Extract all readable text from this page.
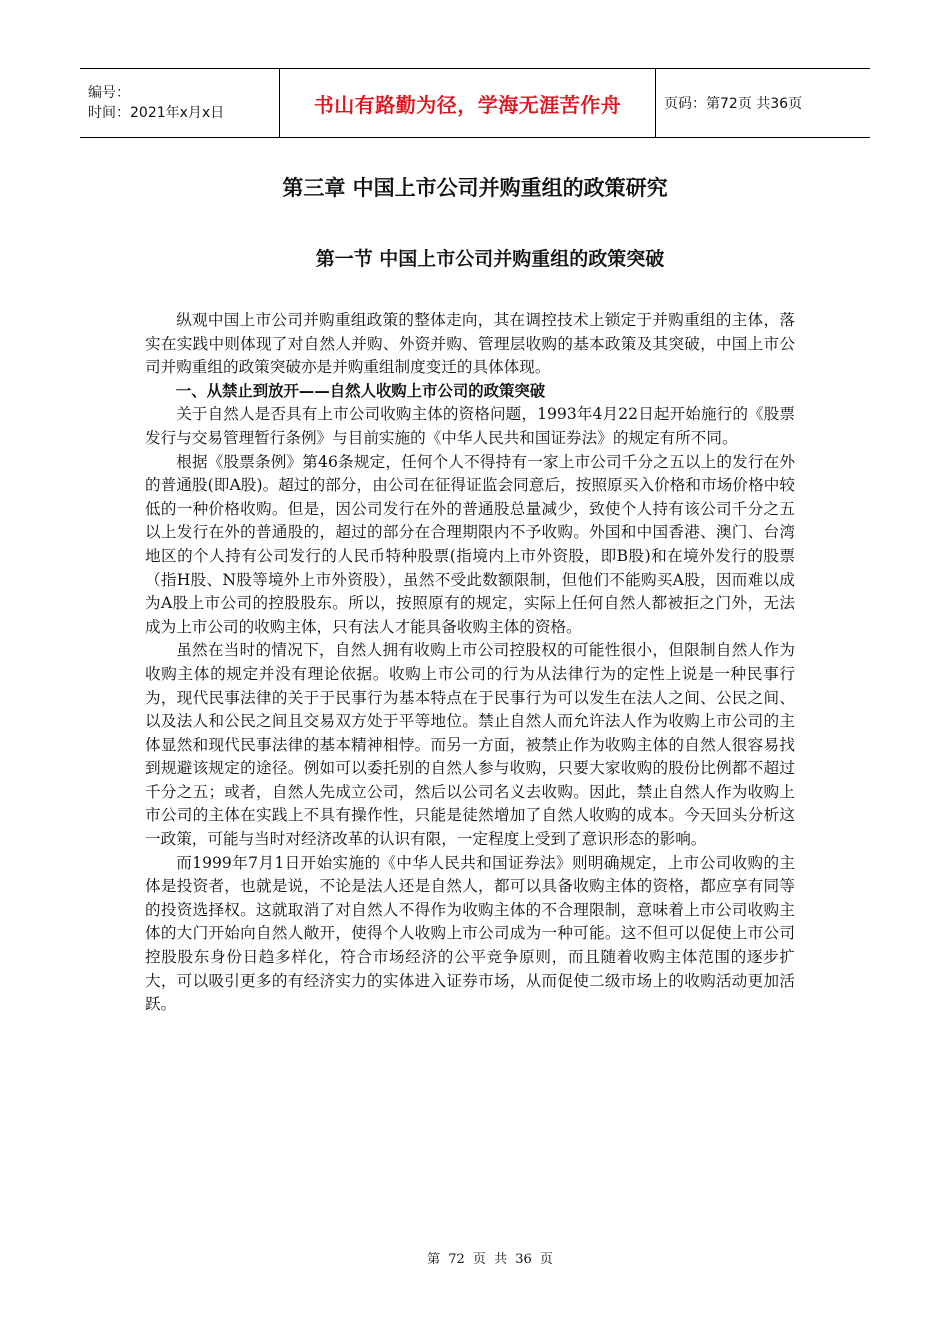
编号：
时间：2021年x月x日	书山有路勤为径，学海无涯苦作舟	页码：第72页 共36页
第三章 中国上市公司并购重组的政策研究
第一节 中国上市公司并购重组的政策突破

纵观中国上市公司并购重组政策的整体走向，其在调控技术上锁定于并购重组的主体，落实在实践中则体现了对自然人并购、外资并购、管理层收购的基本政策及其突破，中国上市公司并购重组的政策突破亦是并购重组制度变迁的具体体现。

一、从禁止到放开——自然人收购上市公司的政策突破

关于自然人是否具有上市公司收购主体的资格问题，1993年4月22日起开始施行的《股票发行与交易管理暂行条例》与目前实施的《中华人民共和国证券法》的规定有所不同。

根据《股票条例》第46条规定，任何个人不得持有一家上市公司千分之五以上的发行在外的普通股(即A股)。超过的部分，由公司在征得证监会同意后，按照原买入价格和市场价格中较低的一种价格收购。但是，因公司发行在外的普通股总量减少，致使个人持有该公司千分之五以上发行在外的普通股的，超过的部分在合理期限内不予收购。外国和中国香港、澳门、台湾地区的个人持有公司发行的人民币特种股票(指境内上市外资股，即B股)和在境外发行的股票（指H股、N股等境外上市外资股），虽然不受此数额限制，但他们不能购买A股，因而难以成为A股上市公司的控股股东。所以，按照原有的规定，实际上任何自然人都被拒之门外，无法成为上市公司的收购主体，只有法人才能具备收购主体的资格。

虽然在当时的情况下，自然人拥有收购上市公司控股权的可能性很小，但限制自然人作为收购主体的规定并没有理论依据。收购上市公司的行为从法律行为的定性上说是一种民事行为，现代民事法律的关于于民事行为基本特点在于民事行为可以发生在法人之间、公民之间、以及法人和公民之间且交易双方处于平等地位。禁止自然人而允许法人作为收购上市公司的主体显然和现代民事法律的基本精神相悖。而另一方面，被禁止作为收购主体的自然人很容易找到规避该规定的途径。例如可以委托别的自然人参与收购，只要大家收购的股份比例都不超过千分之五；或者，自然人先成立公司，然后以公司名义去收购。因此，禁止自然人作为收购上市公司的主体在实践上不具有操作性，只能是徒然增加了自然人收购的成本。今天回头分析这一政策，可能与当时对经济改革的认识有限，一定程度上受到了意识形态的影响。

而1999年7月1日开始实施的《中华人民共和国证券法》则明确规定，上市公司收购的主体是投资者，也就是说，不论是法人还是自然人，都可以具备收购主体的资格，都应享有同等的投资选择权。这就取消了对自然人不得作为收购主体的不合理限制，意味着上市公司收购主体的大门开始向自然人敞开，使得个人收购上市公司成为一种可能。这不但可以促使上市公司控股股东身份日趋多样化，符合市场经济的公平竞争原则，而且随着收购主体范围的逐步扩大，可以吸引更多的有经济实力的实体进入证券市场，从而促使二级市场上的收购活动更加活跃。

第 72 页 共 36 页
